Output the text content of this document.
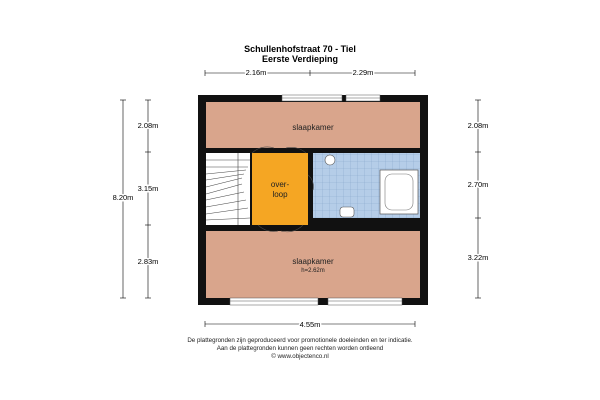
Schullenhofstraat 70 - Tiel
Eerste Verdieping
2.16m	2.29m
4.55m
8.20m
2.08m
3.15m
2.83m
2.08m
2.70m
3.22m
slaapkamer
over-
loop
slaapkamer
h=2.62m
De plattegronden zijn geproduceerd voor promotionele doeleinden en ter indicatie.
Aan de plattegronden kunnen geen rechten worden ontleend
© www.objectenco.nl
